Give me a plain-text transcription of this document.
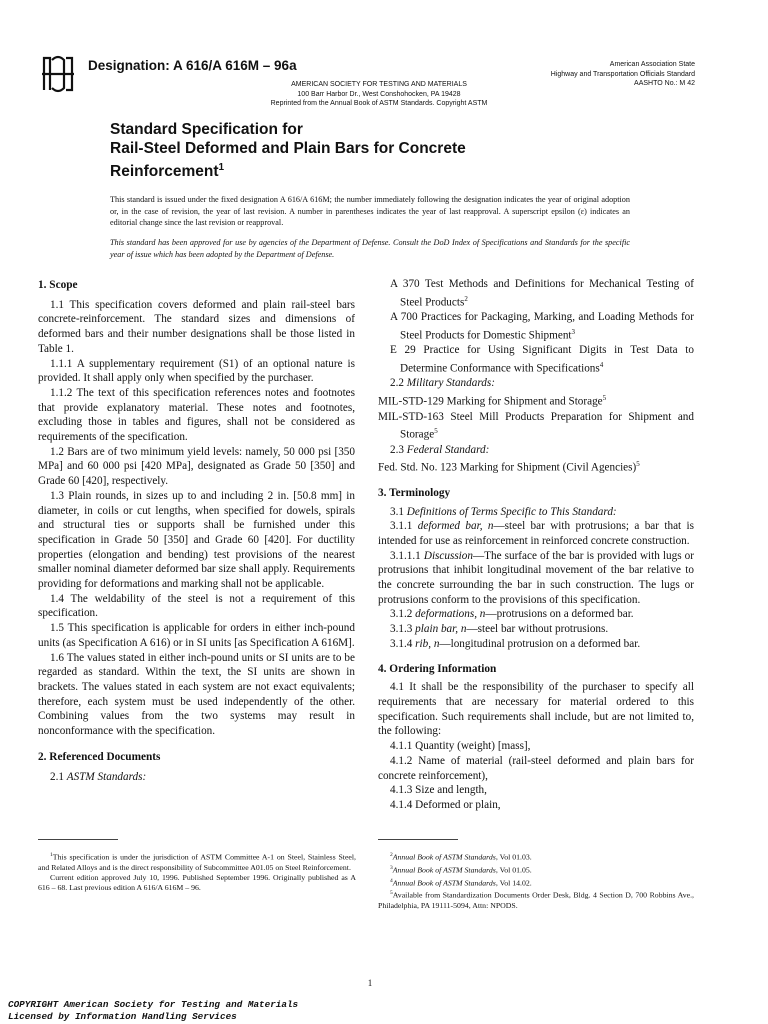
Designation: A 616/A 616M – 96a
AMERICAN SOCIETY FOR TESTING AND MATERIALS
100 Barr Harbor Dr., West Conshohocken, PA 19428
Reprinted from the Annual Book of ASTM Standards. Copyright ASTM
American Association State
Highway and Transportation Officials Standard
AASHTO No.: M 42
Standard Specification for
Rail-Steel Deformed and Plain Bars for Concrete
Reinforcement$^1$
This standard is issued under the fixed designation A 616/A 616M; the number immediately following the designation indicates the year of original adoption or, in the case of revision, the year of last revision. A number in parentheses indicates the year of last reapproval. A superscript epsilon (ε) indicates an editorial change since the last revision or reapproval.
This standard has been approved for use by agencies of the Department of Defense. Consult the DoD Index of Specifications and Standards for the specific year of issue which has been adopted by the Department of Defense.
1. Scope

1.1 This specification covers deformed and plain rail-steel bars concrete-reinforcement. The standard sizes and dimensions of deformed bars and their number designations shall be those listed in Table 1.

1.1.1 A supplementary requirement (S1) of an optional nature is provided. It shall apply only when specified by the purchaser.

1.1.2 The text of this specification references notes and footnotes that provide explanatory material. These notes and footnotes, excluding those in tables and figures, shall not be considered as requirements of the specification.

1.2 Bars are of two minimum yield levels: namely, 50 000 psi [350 MPa] and 60 000 psi [420 MPa], designated as Grade 50 [350] and Grade 60 [420], respectively.

1.3 Plain rounds, in sizes up to and including 2 in. [50.8 mm] in diameter, in coils or cut lengths, when specified for dowels, spirals and structural ties or supports shall be furnished under this specification in Grade 50 [350] and Grade 60 [420]. For ductility properties (elongation and bending) test provisions of the nearest smaller nominal diameter deformed bar size shall apply. Requirements providing for deformations and marking shall not be applicable.

1.4 The weldability of the steel is not a requirement of this specification.

1.5 This specification is applicable for orders in either inch-pound units (as Specification A 616) or in SI units [as Specification A 616M].

1.6 The values stated in either inch-pound units or SI units are to be regarded as standard. Within the text, the SI units are shown in brackets. The values stated in each system are not exact equivalents; therefore, each system must be used independently of the other. Combining values from the two systems may result in nonconformance with the specification.

2. Referenced Documents

2.1 ASTM Standards:

A 370 Test Methods and Definitions for Mechanical Testing of Steel Products$^2$

A 700 Practices for Packaging, Marking, and Loading Methods for Steel Products for Domestic Shipment$^3$

E 29 Practice for Using Significant Digits in Test Data to Determine Conformance with Specifications$^4$

2.2 Military Standards:

MIL-STD-129 Marking for Shipment and Storage$^5$

MIL-STD-163 Steel Mill Products Preparation for Shipment and Storage$^5$

2.3 Federal Standard:

Fed. Std. No. 123 Marking for Shipment (Civil Agencies)$^5$

3. Terminology

3.1 Definitions of Terms Specific to This Standard:

3.1.1 deformed bar, n—steel bar with protrusions; a bar that is intended for use as reinforcement in reinforced concrete construction.

3.1.1.1 Discussion—The surface of the bar is provided with lugs or protrusions that inhibit longitudinal movement of the bar relative to the concrete surrounding the bar in such construction. The lugs or protrusions conform to the provisions of this specification.

3.1.2 deformations, n—protrusions on a deformed bar.

3.1.3 plain bar, n—steel bar without protrusions.

3.1.4 rib, n—longitudinal protrusion on a deformed bar.

4. Ordering Information

4.1 It shall be the responsibility of the purchaser to specify all requirements that are necessary for material ordered to this specification. Such requirements shall include, but are not limited to, the following:

4.1.1 Quantity (weight) [mass],

4.1.2 Name of material (rail-steel deformed and plain bars for concrete reinforcement),

4.1.3 Size and length,

4.1.4 Deformed or plain,

$^1$This specification is under the jurisdiction of ASTM Committee A-1 on Steel, Stainless Steel, and Related Alloys and is the direct responsibility of Subcommittee A01.05 on Steel Reinforcement.

Current edition approved July 10, 1996. Published September 1996. Originally published as A 616 – 68. Last previous edition A 616/A 616M – 96.

$^2$Annual Book of ASTM Standards, Vol 01.03.

$^3$Annual Book of ASTM Standards, Vol 01.05.

$^4$Annual Book of ASTM Standards, Vol 14.02.

$^5$Available from Standardization Documents Order Desk, Bldg. 4 Section D, 700 Robbins Ave., Philadelphia, PA 19111-5094, Attn: NPODS.

1
COPYRIGHT American Society for Testing and Materials
Licensed by Information Handling Services
